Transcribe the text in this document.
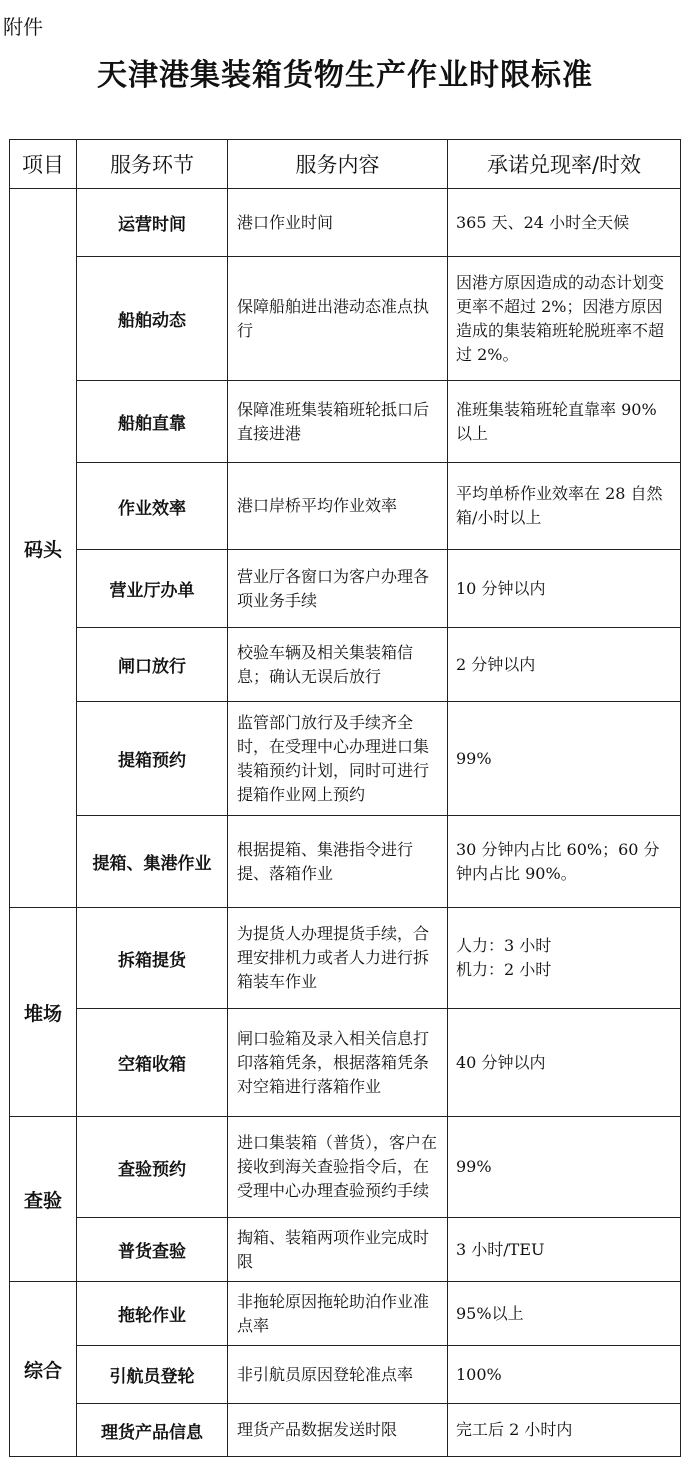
附件
天津港集装箱货物生产作业时限标准
项目	服务环节	服务内容	承诺兑现率/时效
码头	运营时间	港口作业时间	365 天、24 小时全天候
	船舶动态	保障船舶进出港动态准点执行	因港方原因造成的动态计划变更率不超过 2%；因港方原因造成的集装箱班轮脱班率不超过 2%。
	船舶直靠	保障准班集装箱班轮抵口后直接进港	准班集装箱班轮直靠率 90%以上
	作业效率	港口岸桥平均作业效率	平均单桥作业效率在 28 自然箱/小时以上
	营业厅办单	营业厅各窗口为客户办理各项业务手续	10 分钟以内
	闸口放行	校验车辆及相关集装箱信息；确认无误后放行	2 分钟以内
	提箱预约	监管部门放行及手续齐全时，在受理中心办理进口集装箱预约计划，同时可进行提箱作业网上预约	99%
	提箱、集港作业	根据提箱、集港指令进行提、落箱作业	30 分钟内占比 60%；60 分钟内占比 90%。
堆场	拆箱提货	为提货人办理提货手续，合理安排机力或者人力进行拆箱装车作业	人力：3 小时
机力：2 小时
	空箱收箱	闸口验箱及录入相关信息打印落箱凭条，根据落箱凭条对空箱进行落箱作业	40 分钟以内
查验	查验预约	进口集装箱（普货），客户在接收到海关查验指令后，在受理中心办理查验预约手续	99%
	普货查验	掏箱、装箱两项作业完成时限	3 小时/TEU
综合	拖轮作业	非拖轮原因拖轮助泊作业准点率	95%以上
	引航员登轮	非引航员原因登轮准点率	100%
	理货产品信息	理货产品数据发送时限	完工后 2 小时内
